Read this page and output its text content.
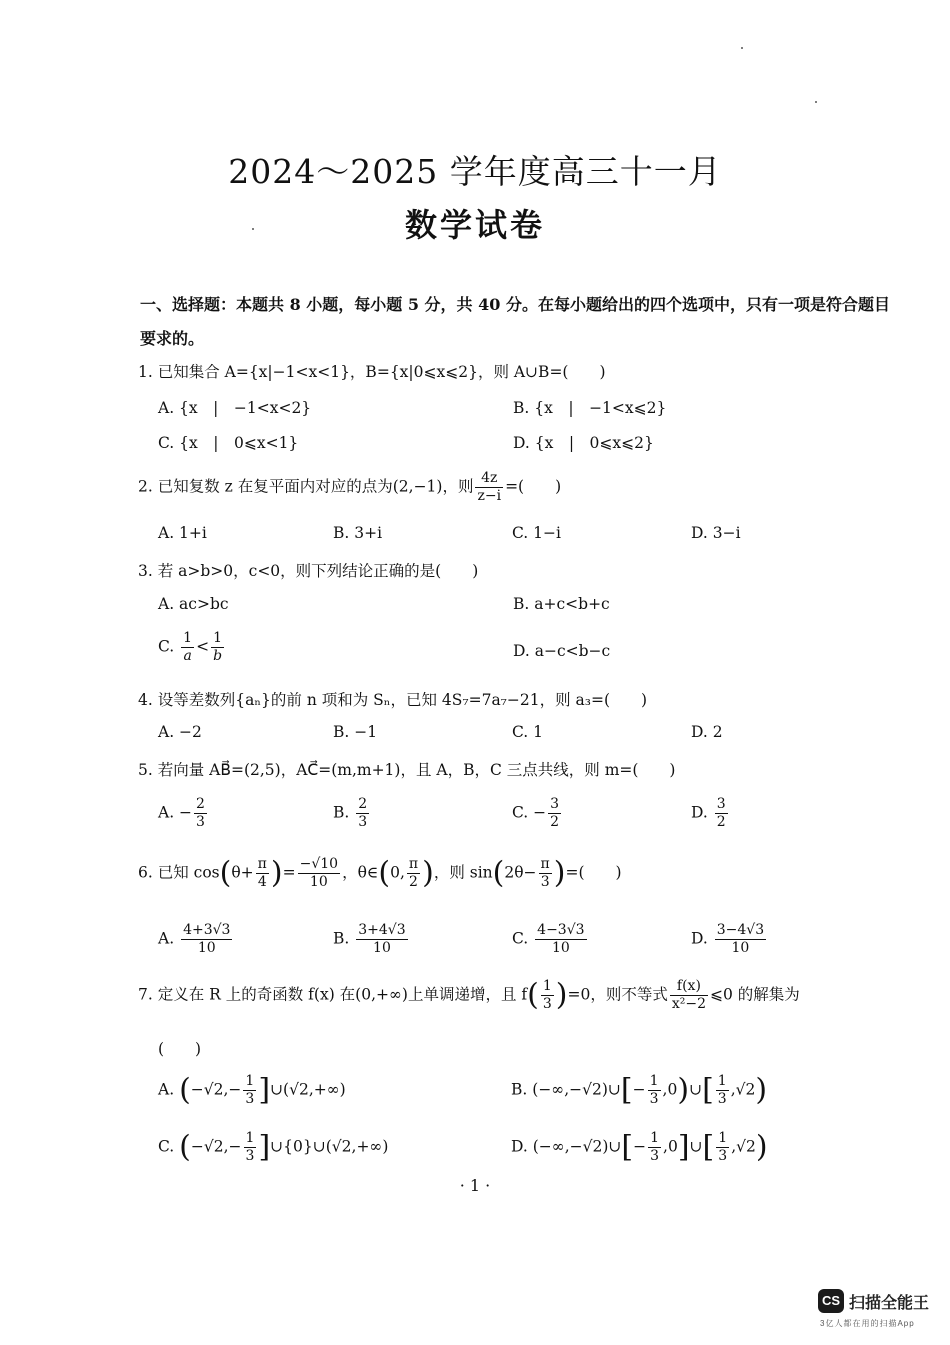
2024～2025 学年度高三十一月
数学试卷
一、选择题：本题共 8 小题，每小题 5 分，共 40 分。在每小题给出的四个选项中，只有一项是符合题目要求的。
1. 已知集合 A={x|−1<x<1}，B={x|0⩽x⩽2}，则 A∪B=(　　)
A. {x　|　−1<x<2}	B. {x　|　−1<x⩽2}
C. {x　|　0⩽x<1}	D. {x　|　0⩽x⩽2}
2. 已知复数 z 在复平面内对应的点为(2,−1)，则 $\frac{4z}{z-i}$ =(　　)
A. 1+i	B. 3+i	C. 1−i	D. 3−i
3. 若 a>b>0，c<0，则下列结论正确的是(　　)
A. ac>bc	B. a+c<b+c
C. $\frac{1}{a} < \frac{1}{b}$	D. a−c<b−c
4. 设等差数列{aₙ}的前 n 项和为 Sₙ，已知 4S₇=7a₇−21，则 a₃=(　　)
A. −2	B. −1	C. 1	D. 2
5. 若向量 AB⃗=(2,5)，AC⃗=(m,m+1)，且 A，B，C 三点共线，则 m=(　　)
A. − $\frac{2}{3}$	B. $\frac{2}{3}$	C. − $\frac{3}{2}$	D. $\frac{3}{2}$
6. 已知 $\cos(\theta+ \frac{\pi}{4}$ )= $\frac{-√10}{10}$ ，θ∈(0, $\frac{\pi}{2}$ )，则 $\sin(2\theta- \frac{\pi}{3}$ )=(　　)
A. $\frac{4+3√3}{10}$	B. $\frac{3+4√3}{10}$	C. $\frac{4-3√3}{10}$	D. $\frac{3-4√3}{10}$
7. 定义在 R 上的奇函数 f(x) 在(0,+∞)上单调递增，且 $f( \frac{1}{3} )=0$，则不等式 $\frac{f(x)}{\text{x²−2}}$ ⩽0 的解集为
(　　)
A. ($-√2,- \frac{1}{3}$ ]∪(√2,+∞)	B. (−∞,−√2)∪[− $\frac{1}{3}$ ,0)∪[ $\frac{1}{3} ,√2$)
C. ($-√2,- \frac{1}{3}$ ]∪{0}∪(√2,+∞)	D. (−∞,−√2)∪[− $\frac{1}{3}$ ,0]∪[ $\frac{1}{3} ,√2$)
· 1 ·
CS 扫描全能王
3亿人都在用的扫描App
